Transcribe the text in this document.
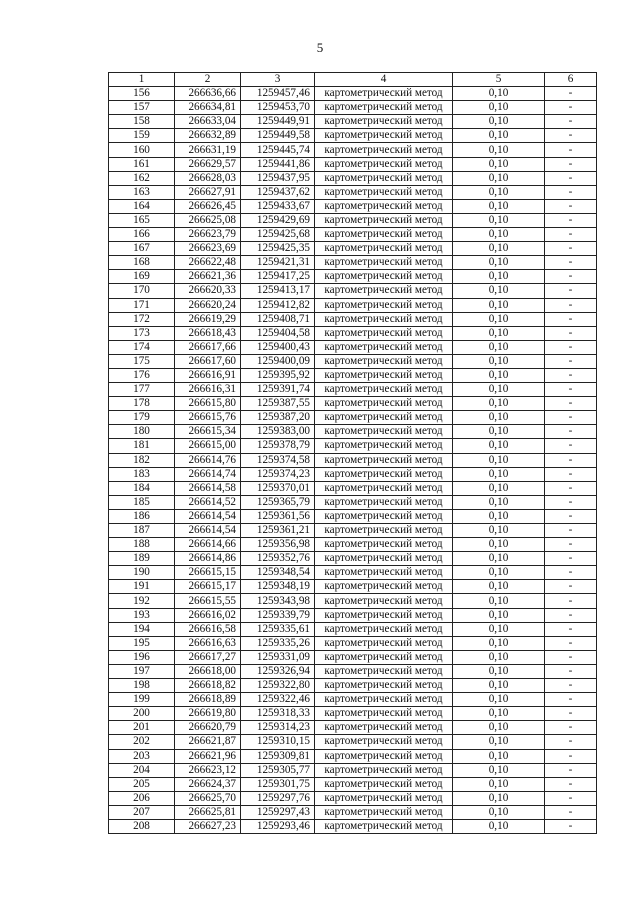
5
1	2	3	4	5	6
156	266636,66	1259457,46	картометрический метод	0,10	-
157	266634,81	1259453,70	картометрический метод	0,10	-
158	266633,04	1259449,91	картометрический метод	0,10	-
159	266632,89	1259449,58	картометрический метод	0,10	-
160	266631,19	1259445,74	картометрический метод	0,10	-
161	266629,57	1259441,86	картометрический метод	0,10	-
162	266628,03	1259437,95	картометрический метод	0,10	-
163	266627,91	1259437,62	картометрический метод	0,10	-
164	266626,45	1259433,67	картометрический метод	0,10	-
165	266625,08	1259429,69	картометрический метод	0,10	-
166	266623,79	1259425,68	картометрический метод	0,10	-
167	266623,69	1259425,35	картометрический метод	0,10	-
168	266622,48	1259421,31	картометрический метод	0,10	-
169	266621,36	1259417,25	картометрический метод	0,10	-
170	266620,33	1259413,17	картометрический метод	0,10	-
171	266620,24	1259412,82	картометрический метод	0,10	-
172	266619,29	1259408,71	картометрический метод	0,10	-
173	266618,43	1259404,58	картометрический метод	0,10	-
174	266617,66	1259400,43	картометрический метод	0,10	-
175	266617,60	1259400,09	картометрический метод	0,10	-
176	266616,91	1259395,92	картометрический метод	0,10	-
177	266616,31	1259391,74	картометрический метод	0,10	-
178	266615,80	1259387,55	картометрический метод	0,10	-
179	266615,76	1259387,20	картометрический метод	0,10	-
180	266615,34	1259383,00	картометрический метод	0,10	-
181	266615,00	1259378,79	картометрический метод	0,10	-
182	266614,76	1259374,58	картометрический метод	0,10	-
183	266614,74	1259374,23	картометрический метод	0,10	-
184	266614,58	1259370,01	картометрический метод	0,10	-
185	266614,52	1259365,79	картометрический метод	0,10	-
186	266614,54	1259361,56	картометрический метод	0,10	-
187	266614,54	1259361,21	картометрический метод	0,10	-
188	266614,66	1259356,98	картометрический метод	0,10	-
189	266614,86	1259352,76	картометрический метод	0,10	-
190	266615,15	1259348,54	картометрический метод	0,10	-
191	266615,17	1259348,19	картометрический метод	0,10	-
192	266615,55	1259343,98	картометрический метод	0,10	-
193	266616,02	1259339,79	картометрический метод	0,10	-
194	266616,58	1259335,61	картометрический метод	0,10	-
195	266616,63	1259335,26	картометрический метод	0,10	-
196	266617,27	1259331,09	картометрический метод	0,10	-
197	266618,00	1259326,94	картометрический метод	0,10	-
198	266618,82	1259322,80	картометрический метод	0,10	-
199	266618,89	1259322,46	картометрический метод	0,10	-
200	266619,80	1259318,33	картометрический метод	0,10	-
201	266620,79	1259314,23	картометрический метод	0,10	-
202	266621,87	1259310,15	картометрический метод	0,10	-
203	266621,96	1259309,81	картометрический метод	0,10	-
204	266623,12	1259305,77	картометрический метод	0,10	-
205	266624,37	1259301,75	картометрический метод	0,10	-
206	266625,70	1259297,76	картометрический метод	0,10	-
207	266625,81	1259297,43	картометрический метод	0,10	-
208	266627,23	1259293,46	картометрический метод	0,10	-
